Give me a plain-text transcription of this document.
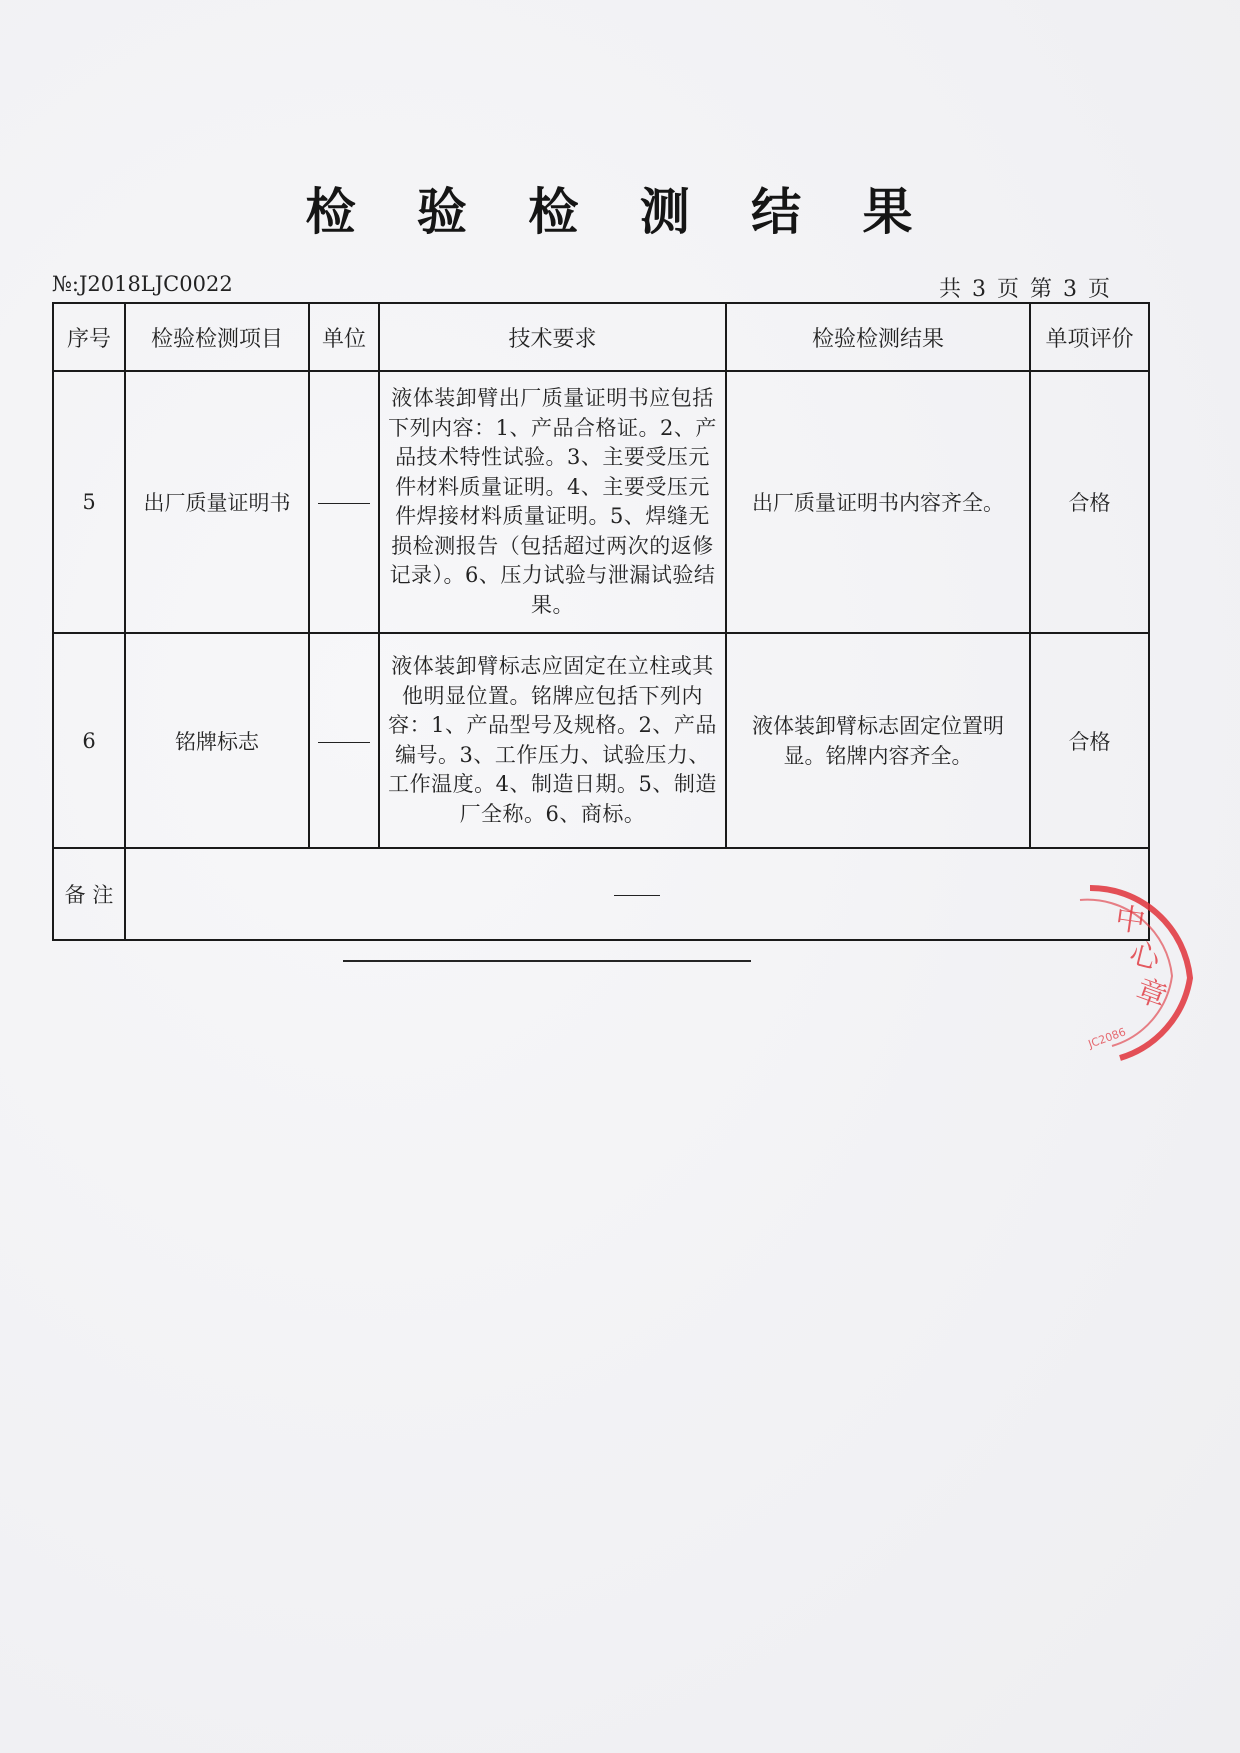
检 验 检 测 结 果
№:J2018LJC0022	共 3 页 第 3 页
序号	检验检测项目	单位	技术要求	检验检测结果	单项评价
5	出厂质量证明书		液体装卸臂出厂质量证明书应包括下列内容：1、产品合格证。2、产品技术特性试验。3、主要受压元件材料质量证明。4、主要受压元件焊接材料质量证明。5、焊缝无损检测报告（包括超过两次的返修记录）。6、压力试验与泄漏试验结果。	出厂质量证明书内容齐全。	合格
6	铭牌标志		液体装卸臂标志应固定在立柱或其他明显位置。铭牌应包括下列内容：1、产品型号及规格。2、产品编号。3、工作压力、试验压力、工作温度。4、制造日期。5、制造厂全称。6、商标。	液体装卸臂标志固定位置明显。铭牌内容齐全。	合格
备 注					
中
心
章
JC2086
